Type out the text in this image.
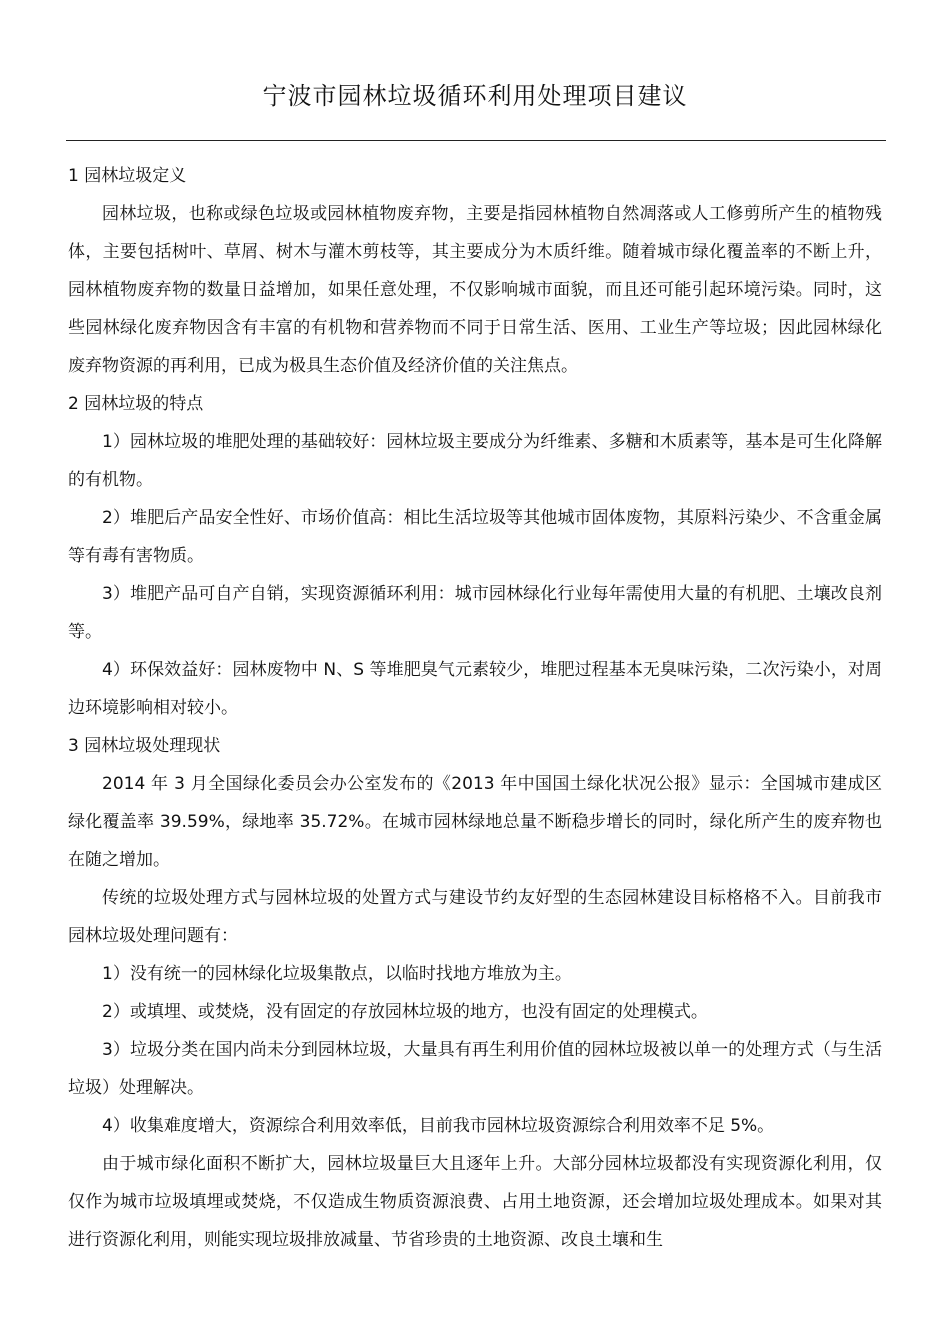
宁波市园林垃圾循环利用处理项目建议

1 园林垃圾定义

园林垃圾，也称或绿色垃圾或园林植物废弃物，主要是指园林植物自然凋落或人工修剪所产生的植物残体，主要包括树叶、草屑、树木与灌木剪枝等，其主要成分为木质纤维。随着城市绿化覆盖率的不断上升，园林植物废弃物的数量日益增加，如果任意处理，不仅影响城市面貌，而且还可能引起环境污染。同时，这些园林绿化废弃物因含有丰富的有机物和营养物而不同于日常生活、医用、工业生产等垃圾；因此园林绿化废弃物资源的再利用，已成为极具生态价值及经济价值的关注焦点。

2 园林垃圾的特点

1）园林垃圾的堆肥处理的基础较好：园林垃圾主要成分为纤维素、多糖和木质素等，基本是可生化降解的有机物。

2）堆肥后产品安全性好、市场价值高：相比生活垃圾等其他城市固体废物，其原料污染少、不含重金属等有毒有害物质。

3）堆肥产品可自产自销，实现资源循环利用：城市园林绿化行业每年需使用大量的有机肥、土壤改良剂等。

4）环保效益好：园林废物中 N、S 等堆肥臭气元素较少，堆肥过程基本无臭味污染，二次污染小，对周边环境影响相对较小。

3 园林垃圾处理现状

2014 年 3 月全国绿化委员会办公室发布的《2013 年中国国土绿化状况公报》显示：全国城市建成区绿化覆盖率 39.59%，绿地率 35.72%。在城市园林绿地总量不断稳步增长的同时，绿化所产生的废弃物也在随之增加。

传统的垃圾处理方式与园林垃圾的处置方式与建设节约友好型的生态园林建设目标格格不入。目前我市园林垃圾处理问题有：

1）没有统一的园林绿化垃圾集散点，以临时找地方堆放为主。

2）或填埋、或焚烧，没有固定的存放园林垃圾的地方，也没有固定的处理模式。

3）垃圾分类在国内尚未分到园林垃圾，大量具有再生利用价值的园林垃圾被以单一的处理方式（与生活垃圾）处理解决。

4）收集难度增大，资源综合利用效率低，目前我市园林垃圾资源综合利用效率不足 5%。

由于城市绿化面积不断扩大，园林垃圾量巨大且逐年上升。大部分园林垃圾都没有实现资源化利用，仅仅作为城市垃圾填埋或焚烧，不仅造成生物质资源浪费、占用土地资源，还会增加垃圾处理成本。如果对其进行资源化利用，则能实现垃圾排放减量、节省珍贵的土地资源、改良土壤和生
